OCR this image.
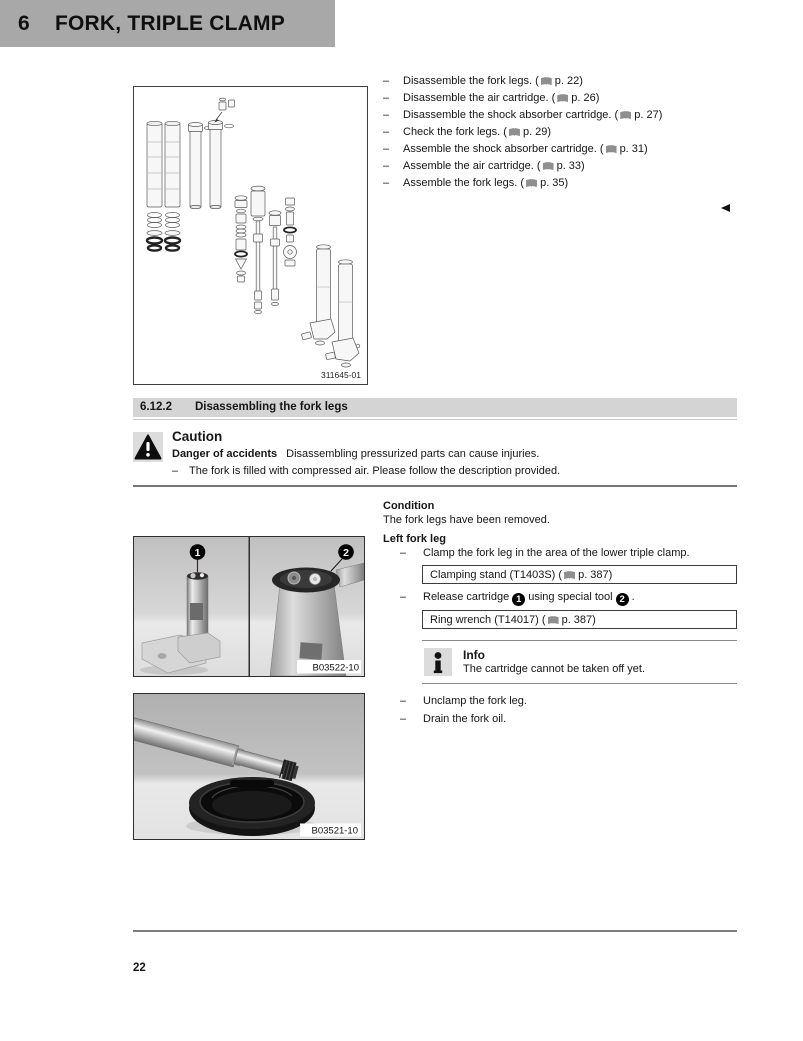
6 FORK, TRIPLE CLAMP
311645-01
–	Disassemble the fork legs. ( p. 22)
–	Disassemble the air cartridge. ( p. 26)
–	Disassemble the shock absorber cartridge. ( p. 27)
–	Check the fork legs. ( p. 29)
–	Assemble the shock absorber cartridge. ( p. 31)
–	Assemble the air cartridge. ( p. 33)
–	Assemble the fork legs. ( p. 35)
6.12.2 Disassembling the fork legs
Caution
Danger of accidents Disassembling pressurized parts can cause injuries.
– The fork is filled with compressed air. Please follow the description provided.
1	2
B03522-10
Condition
The fork legs have been removed.
Left fork leg
–	Clamp the fork leg in the area of the lower triple clamp.
Clamping stand (T1403S) ( p. 387)
–	Release cartridge 1 using special tool 2 .
Ring wrench (T14017) ( p. 387)
Info
The cartridge cannot be taken off yet.
–	Unclamp the fork leg.
–	Drain the fork oil.
B03521-10
22
